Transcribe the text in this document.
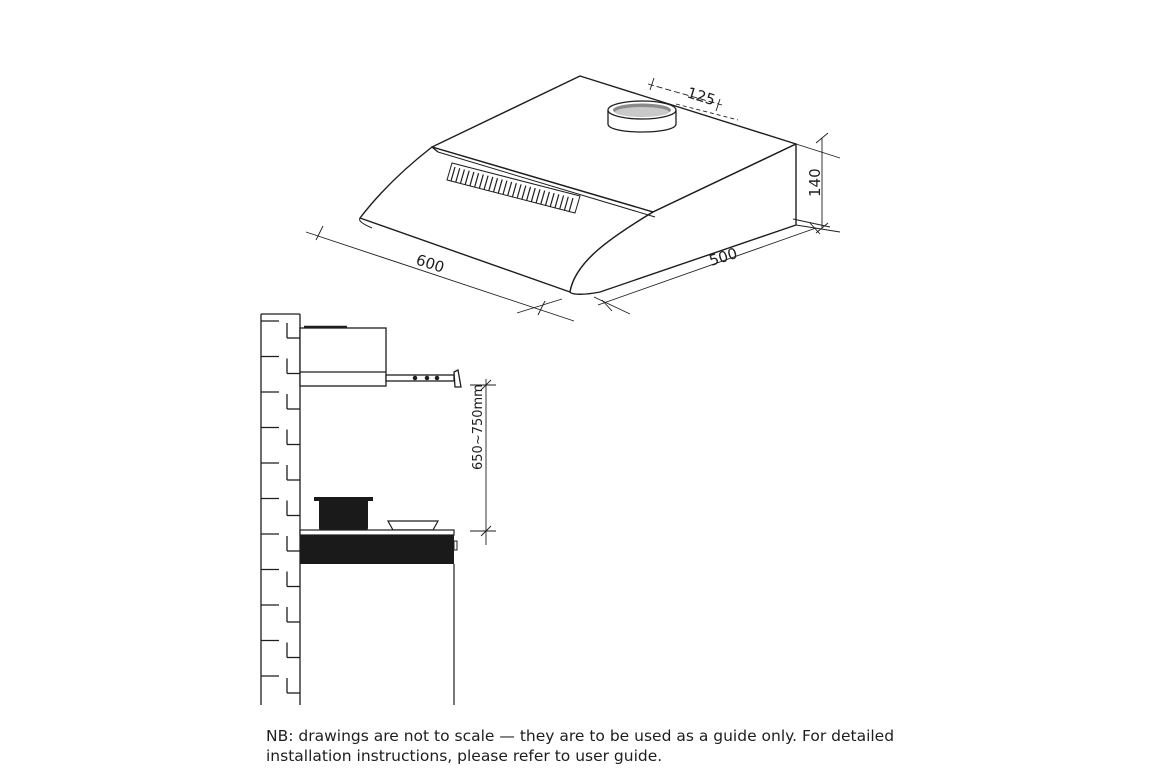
125
140
600	500
650~750mm
NB: drawings are not to scale — they are to be used as a guide only. For detailed
installation instructions, please refer to user guide.
